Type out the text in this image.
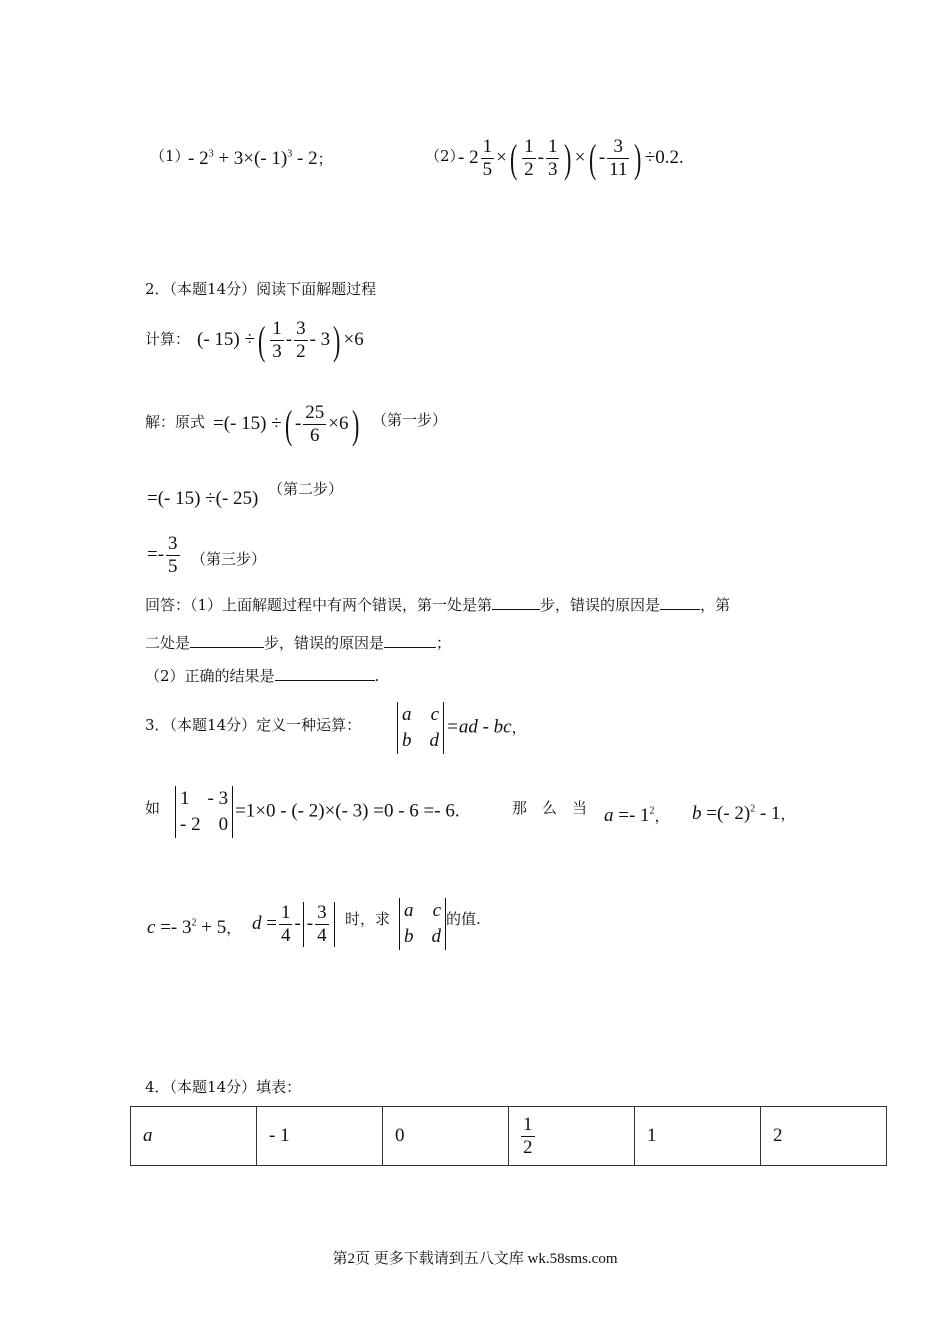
（1）
- $2^3 + 3\times(-$ 1)$^3$ - 2；	（2）
- $2 \frac{1}{5}$ ×( $\frac{1}{2} - \frac{1}{3}$ ) ×( - $\frac{3}{11}$ ) ÷0.2.
2．（本题14分）阅读下面解题过程
计算： (- 15) ÷( $\frac{1}{3} - \frac{3}{2} - 3) \times 6$
解：原式 =(- 15) ÷( - $\frac{25}{6} \times 6$) （第一步）
=(- 15) ÷(- 25) （第二步）
=- $\frac{3}{5}$ （第三步）
回答：（1）上面解题过程中有两个错误，第一处是第	步，错误的原因是	，第
二处是	步，错误的原因是	；
（2）正确的结果是	.
3．（本题14分）定义一种运算： a c
b d
=ad - bc，
如 1 - 3
- 2 0
=1×0 - (- 2)×(- 3) =0 - 6 =- 6.	那　么　当 $a =- 1^2$， b =(- 2)$^2$ - 1，
$c =- 3^2 + 5$， $d = \frac{1}{4}$ - - $\frac{3}{4}$ 时，求 a c
b d
的值.
4．（本题14分）填表：
a	- 1	0	$\frac{1}{2}$	1	2
第2页 更多下载请到五八文库 wk.58sms.com
